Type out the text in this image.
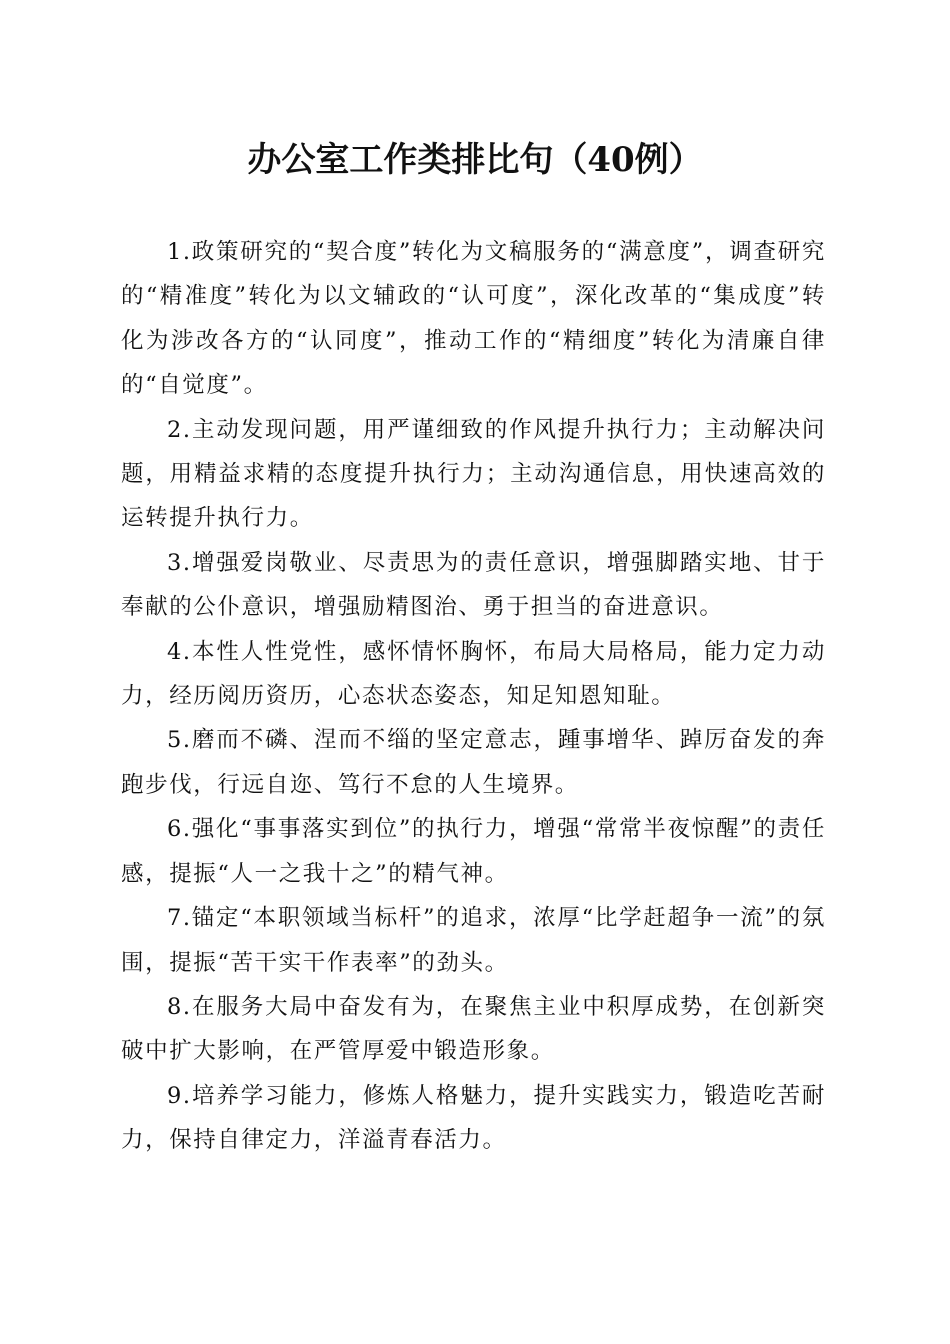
办公室工作类排比句（40例）

1.政策研究的“契合度”转化为文稿服务的“满意度”，调查研究的“精准度”转化为以文辅政的“认可度”，深化改革的“集成度”转化为涉改各方的“认同度”，推动工作的“精细度”转化为清廉自律的“自觉度”。

2.主动发现问题，用严谨细致的作风提升执行力；主动解决问题，用精益求精的态度提升执行力；主动沟通信息，用快速高效的运转提升执行力。

3.增强爱岗敬业、尽责思为的责任意识，增强脚踏实地、甘于奉献的公仆意识，增强励精图治、勇于担当的奋进意识。

4.本性人性党性，感怀情怀胸怀，布局大局格局，能力定力动力，经历阅历资历，心态状态姿态，知足知恩知耻。

5.磨而不磷、涅而不缁的坚定意志，踵事增华、踔厉奋发的奔跑步伐，行远自迩、笃行不怠的人生境界。

6.强化“事事落实到位”的执行力，增强“常常半夜惊醒”的责任感，提振“人一之我十之”的精气神。

7.锚定“本职领域当标杆”的追求，浓厚“比学赶超争一流”的氛围，提振“苦干实干作表率”的劲头。

8.在服务大局中奋发有为，在聚焦主业中积厚成势，在创新突破中扩大影响，在严管厚爱中锻造形象。

9.培养学习能力，修炼人格魅力，提升实践实力，锻造吃苦耐力，保持自律定力，洋溢青春活力。
